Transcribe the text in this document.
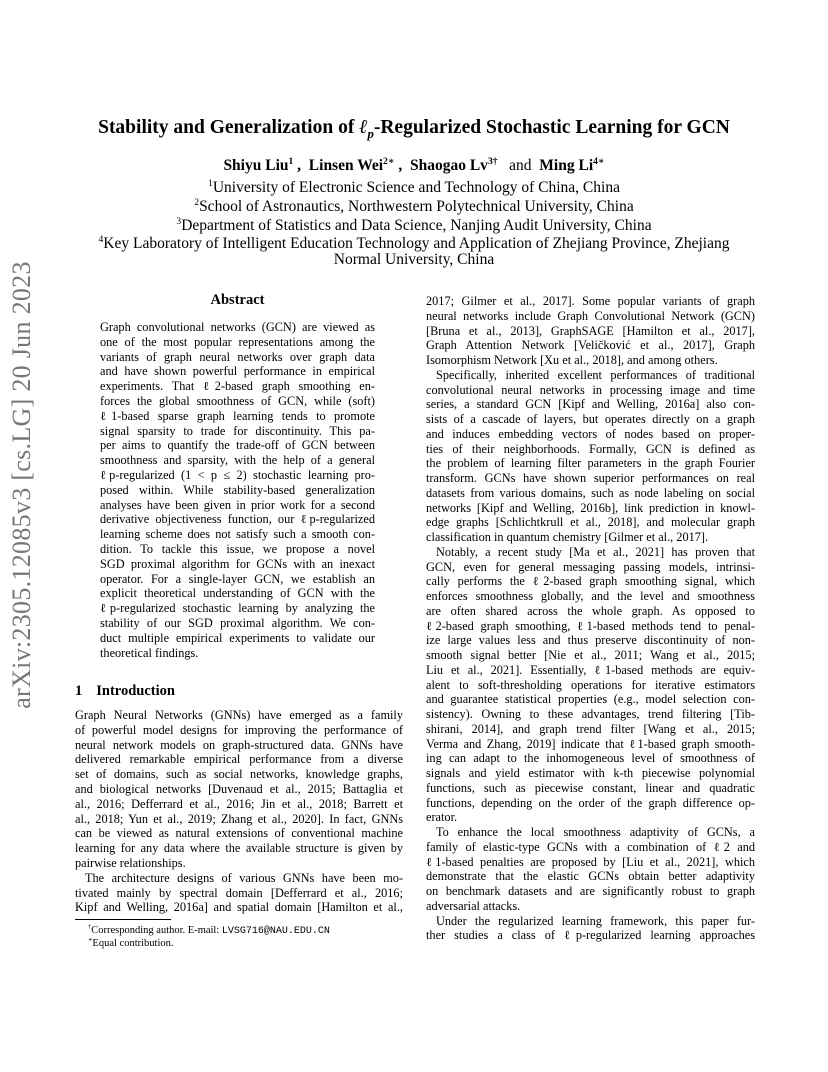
arXiv:2305.12085v3 [cs.LG] 20 Jun 2023
Stability and Generalization of ℓ$_p$-Regularized Stochastic Learning for GCN
Shiyu Liu$^1$ ,  Linsen Wei$^{2∗}$ ,  Shaogao $Lv^{3\dagger}$ and Ming $Li^{4∗}$
$^1$University of Electronic Science and Technology of China, China
$^2$School of Astronautics, Northwestern Polytechnical University, China
$^3$Department of Statistics and Data Science, Nanjing Audit University, China
$^4$Key Laboratory of Intelligent Education Technology and Application of Zhejiang Province, Zhejiang
Normal University, China
Abstract
Graph convolutional networks (GCN) are viewed as
one of the most popular representations among the
variants of graph neural networks over graph data
and have shown powerful performance in empirical
experiments. That ℓ2-based graph smoothing en-
forces the global smoothness of GCN, while (soft)
ℓ1-based sparse graph learning tends to promote
signal sparsity to trade for discontinuity. This pa-
per aims to quantify the trade-off of GCN between
smoothness and sparsity, with the help of a general
ℓp-regularized (1 < p ≤ 2) stochastic learning pro-
posed within. While stability-based generalization
analyses have been given in prior work for a second
derivative objectiveness function, our ℓp-regularized
learning scheme does not satisfy such a smooth con-
dition. To tackle this issue, we propose a novel
SGD proximal algorithm for GCNs with an inexact
operator. For a single-layer GCN, we establish an
explicit theoretical understanding of GCN with the
ℓp-regularized stochastic learning by analyzing the
stability of our SGD proximal algorithm. We con-
duct multiple empirical experiments to validate our
theoretical findings.
1 Introduction
Graph Neural Networks (GNNs) have emerged as a family
of powerful model designs for improving the performance of
neural network models on graph-structured data. GNNs have
delivered remarkable empirical performance from a diverse
set of domains, such as social networks, knowledge graphs,
and biological networks [Duvenaud et al., 2015; Battaglia et
al., 2016; Defferrard et al., 2016; Jin et al., 2018; Barrett et
al., 2018; Yun et al., 2019; Zhang et al., 2020]. In fact, GNNs
can be viewed as natural extensions of conventional machine
learning for any data where the available structure is given by
pairwise relationships.
The architecture designs of various GNNs have been mo-
tivated mainly by spectral domain [Defferrard et al., 2016;
Kipf and Welling, 2016a] and spatial domain [Hamilton et al.,
2017; Gilmer et al., 2017]. Some popular variants of graph
neural networks include Graph Convolutional Network (GCN)
[Bruna et al., 2013], GraphSAGE [Hamilton et al., 2017],
Graph Attention Network [Veličković et al., 2017], Graph
Isomorphism Network [Xu et al., 2018], and among others.
Specifically, inherited excellent performances of traditional
convolutional neural networks in processing image and time
series, a standard GCN [Kipf and Welling, 2016a] also con-
sists of a cascade of layers, but operates directly on a graph
and induces embedding vectors of nodes based on proper-
ties of their neighborhoods. Formally, GCN is defined as
the problem of learning filter parameters in the graph Fourier
transform. GCNs have shown superior performances on real
datasets from various domains, such as node labeling on social
networks [Kipf and Welling, 2016b], link prediction in knowl-
edge graphs [Schlichtkrull et al., 2018], and molecular graph
classification in quantum chemistry [Gilmer et al., 2017].
Notably, a recent study [Ma et al., 2021] has proven that
GCN, even for general messaging passing models, intrinsi-
cally performs the ℓ2-based graph smoothing signal, which
enforces smoothness globally, and the level and smoothness
are often shared across the whole graph. As opposed to
ℓ2-based graph smoothing, ℓ1-based methods tend to penal-
ize large values less and thus preserve discontinuity of non-
smooth signal better [Nie et al., 2011; Wang et al., 2015;
Liu et al., 2021]. Essentially, ℓ1-based methods are equiv-
alent to soft-thresholding operations for iterative estimators
and guarantee statistical properties (e.g., model selection con-
sistency). Owning to these advantages, trend filtering [Tib-
shirani, 2014], and graph trend filter [Wang et al., 2015;
Verma and Zhang, 2019] indicate that ℓ1-based graph smooth-
ing can adapt to the inhomogeneous level of smoothness of
signals and yield estimator with k-th piecewise polynomial
functions, such as piecewise constant, linear and quadratic
functions, depending on the order of the graph difference op-
erator.
To enhance the local smoothness adaptivity of GCNs, a
family of elastic-type GCNs with a combination of ℓ2 and
ℓ1-based penalties are proposed by [Liu et al., 2021], which
demonstrate that the elastic GCNs obtain better adaptivity
on benchmark datasets and are significantly robust to graph
adversarial attacks.
Under the regularized learning framework, this paper fur-
ther studies a class of ℓp-regularized learning approaches
†Corresponding author. E-mail: LVSG716@NAU.EDU.CN
∗Equal contribution.
